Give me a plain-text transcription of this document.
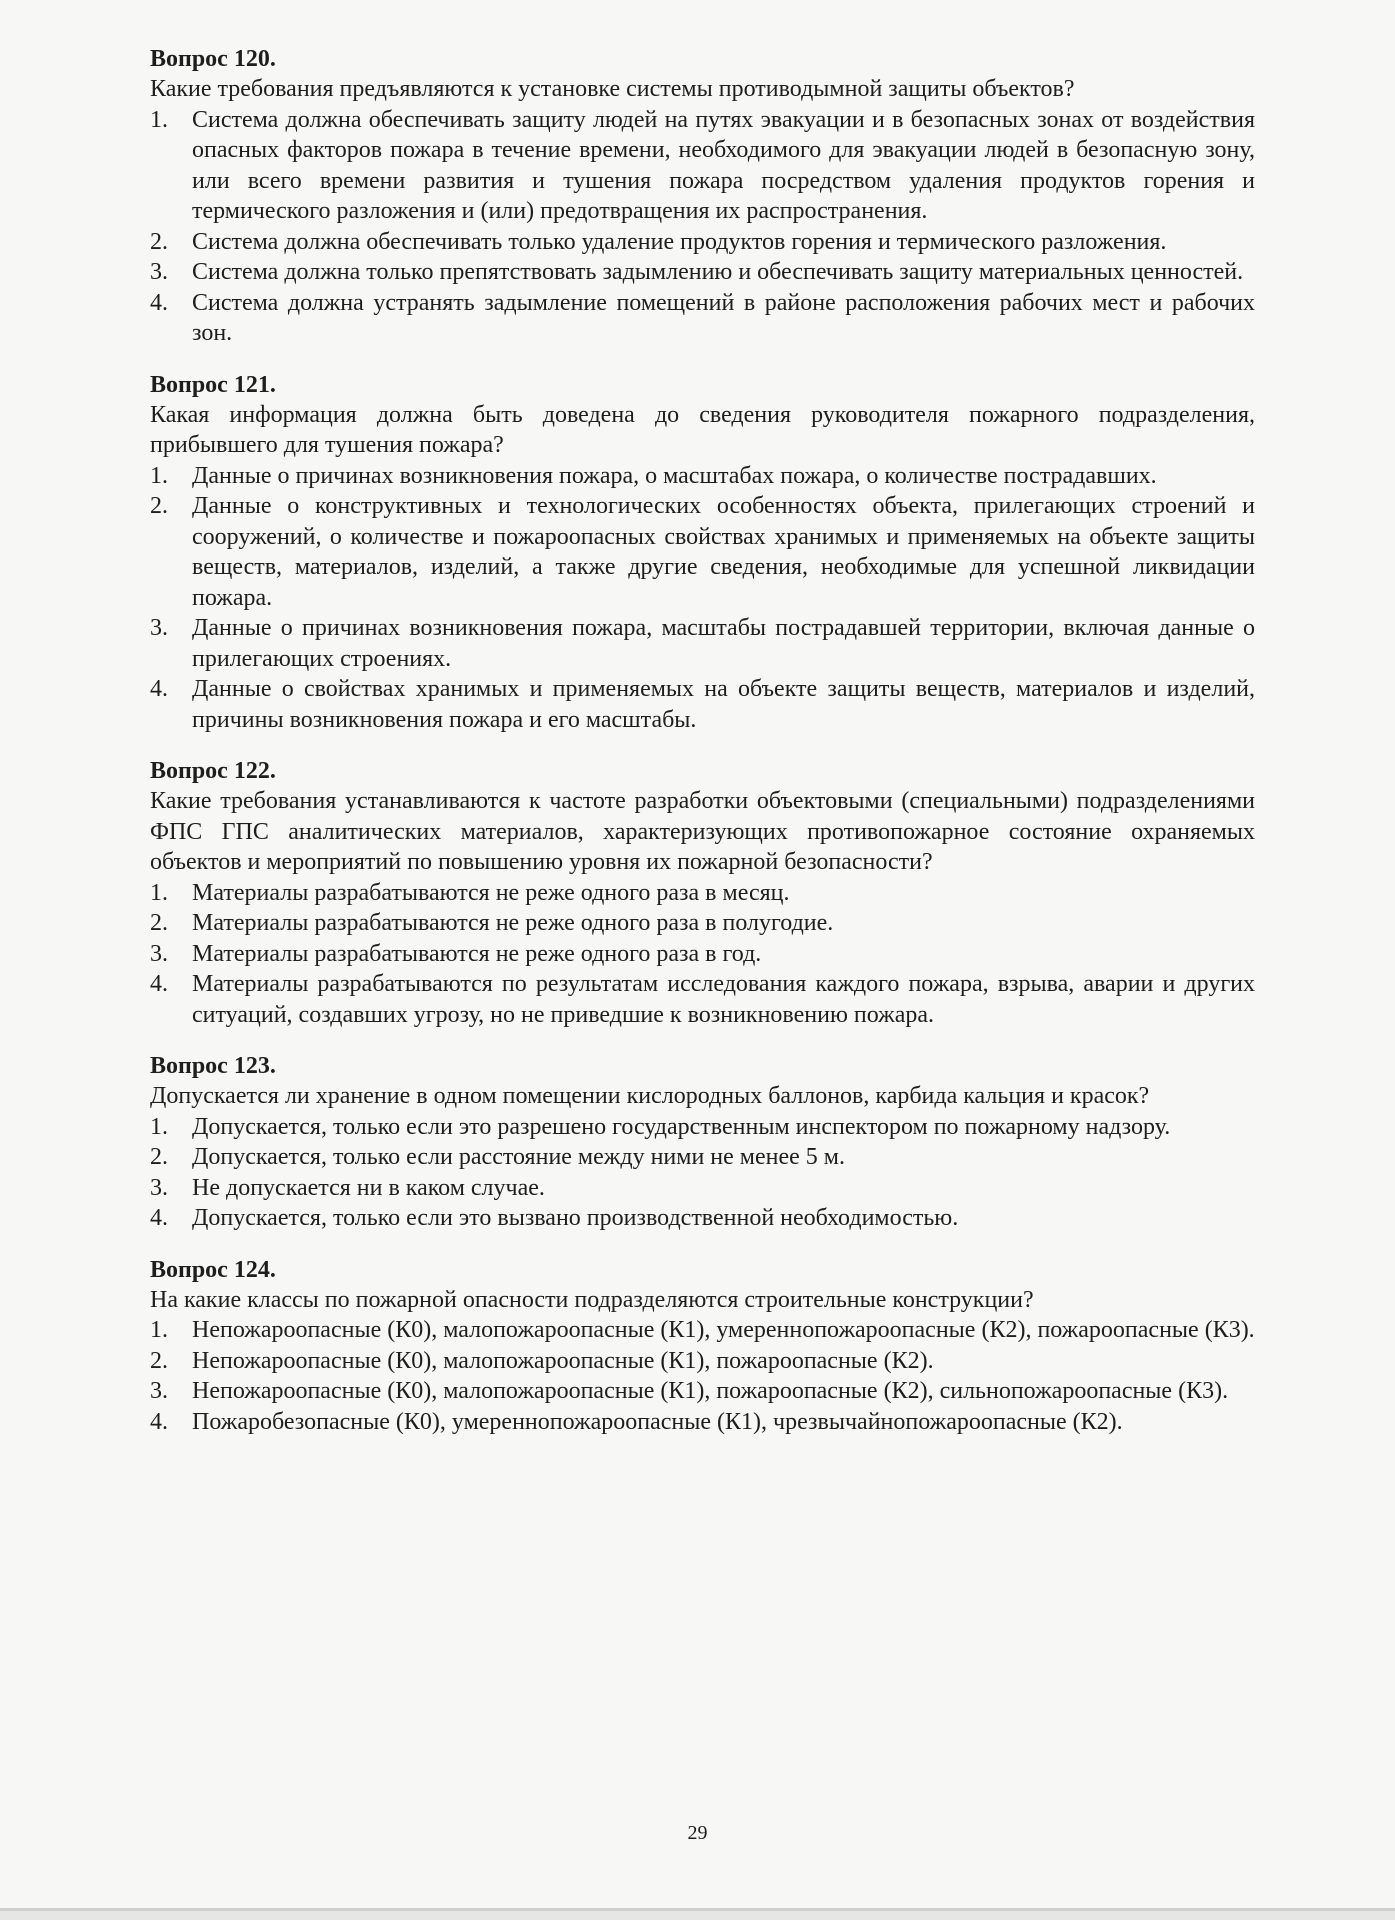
Вопрос 120.

Какие требования предъявляются к установке системы противодымной защиты объектов?

1.	Система должна обеспечивать защиту людей на путях эвакуации и в безопасных зонах от воздействия опасных факторов пожара в течение времени, необходимого для эвакуации людей в безопасную зону, или всего времени развития и тушения пожара посредством удаления продуктов горения и термического разложения и (или) предотвращения их распространения.
2.	Система должна обеспечивать только удаление продуктов горения и термического разложения.
3.	Система должна только препятствовать задымлению и обеспечивать защиту материальных ценностей.
4.	Система должна устранять задымление помещений в районе расположения рабочих мест и рабочих зон.

Вопрос 121.

Какая информация должна быть доведена до сведения руководителя пожарного подразделения, прибывшего для тушения пожара?

1.	Данные о причинах возникновения пожара, о масштабах пожара, о количестве пострадавших.
2.	Данные о конструктивных и технологических особенностях объекта, прилегающих строений и сооружений, о количестве и пожароопасных свойствах хранимых и применяемых на объекте защиты веществ, материалов, изделий, а также другие сведения, необходимые для успешной ликвидации пожара.
3.	Данные о причинах возникновения пожара, масштабы пострадавшей территории, включая данные о прилегающих строениях.
4.	Данные о свойствах хранимых и применяемых на объекте защиты веществ, материалов и изделий, причины возникновения пожара и его масштабы.

Вопрос 122.

Какие требования устанавливаются к частоте разработки объектовыми (специальными) подразделениями ФПС ГПС аналитических материалов, характеризующих противопожарное состояние охраняемых объектов и мероприятий по повышению уровня их пожарной безопасности?

1.	Материалы разрабатываются не реже одного раза в месяц.
2.	Материалы разрабатываются не реже одного раза в полугодие.
3.	Материалы разрабатываются не реже одного раза в год.
4.	Материалы разрабатываются по результатам исследования каждого пожара, взрыва, аварии и других ситуаций, создавших угрозу, но не приведшие к возникновению пожара.

Вопрос 123.

Допускается ли хранение в одном помещении кислородных баллонов, карбида кальция и красок?

1.	Допускается, только если это разрешено государственным инспектором по пожарному надзору.
2.	Допускается, только если расстояние между ними не менее 5 м.
3.	Не допускается ни в каком случае.
4.	Допускается, только если это вызвано производственной необходимостью.

Вопрос 124.

На какие классы по пожарной опасности подразделяются строительные конструкции?

1.	Непожароопасные (К0), малопожароопасные (К1), умереннопожароопасные (К2), пожароопасные (К3).
2.	Непожароопасные (К0), малопожароопасные (К1), пожароопасные (К2).
3.	Непожароопасные (К0), малопожароопасные (К1), пожароопасные (К2), сильнопожароопасные (К3).
4.	Пожаробезопасные (К0), умереннопожароопасные (К1), чрезвычайнопожароопасные (К2).
29
